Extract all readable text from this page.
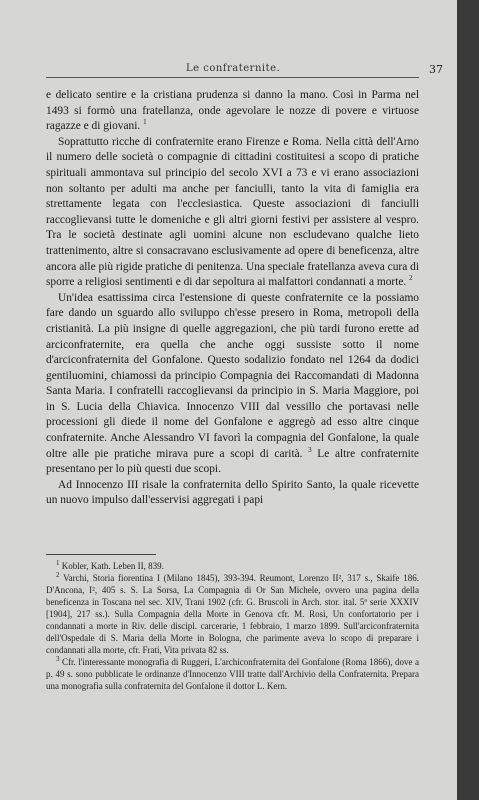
Le confraternite.	37

e delicato sentire e la cristiana prudenza si danno la mano. Così in Parma nel 1493 si formò una fratellanza, onde agevolare le nozze di povere e virtuose ragazze e di giovani. $^1$

Soprattutto ricche di confraternite erano Firenze e Roma. Nella città dell'Arno il numero delle società o compagnie di cittadini costituitesi a scopo di pratiche spirituali ammontava sul principio del secolo XVI a 73 e vi erano associazioni non soltanto per adulti ma anche per fanciulli, tanto la vita di famiglia era strettamente legata con l'ecclesiastica. Queste associazioni di fanciulli raccoglievansi tutte le domeniche e gli altri giorni festivi per assistere al vespro. Tra le società destinate agli uomini alcune non escludevano qualche lieto trattenimento, altre si consacravano esclusivamente ad opere di beneficenza, altre ancora alle più rigide pratiche di penitenza. Una speciale fratellanza aveva cura di sporre a religiosi sentimenti e di dar sepoltura ai malfattori condannati a morte. $^2$

Un'idea esattissima circa l'estensione di queste confraternite ce la possiamo fare dando un sguardo allo sviluppo ch'esse presero in Roma, metropoli della cristianità. La più insigne di quelle aggregazioni, che più tardi furono erette ad arciconfraternite, era quella che anche oggi sussiste sotto il nome d'arciconfraternita del Gonfalone. Questo sodalizio fondato nel 1264 da dodici gentiluomini, chiamossi da principio Compagnia dei Raccomandati di Madonna Santa Maria. I confratelli raccoglievansi da principio in S. Maria Maggiore, poi in S. Lucia della Chiavica. Innocenzo VIII dal vessillo che portavasi nelle processioni gli diede il nome del Gonfalone e aggregò ad esso altre cinque confraternite. Anche Alessandro VI favorì la compagnia del Gonfalone, la quale oltre alle pie pratiche mirava pure a scopi di carità. $^3$ Le altre confraternite presentano per lo più questi due scopi.

Ad Innocenzo III risale la confraternita dello Spirito Santo, la quale ricevette un nuovo impulso dall'esservisi aggregati i papi

$^1$ Kobler, Kath. Leben II, 839.

$^2$ Varchi, Storia fiorentina I (Milano 1845), 393-394. Reumont, Lorenzo II², 317 s., Skaife 186. D'Ancona, I², 405 s. S. La Sorsa, La Compagnia di Or San Michele, ovvero una pagina della beneficenza in Toscana nel sec. XIV, Trani 1902 (cfr. G. Bruscoli in Arch. stor. ital. 5ª serie XXXIV [1904], 217 ss.). Sulla Compagnia della Morte in Genova cfr. M. Rosi, Un confortatorio per i condannati a morte in Riv. delle discipl. carcerarie, 1 febbraio, 1 marzo 1899. Sull'arciconfraternita dell'Ospedale di S. Maria della Morte in Bologna, che parimente aveva lo scopo di preparare i condannati alla morte, cfr. Frati, Vita privata 82 ss.

$^3$ Cfr. l'interessante monografia di Ruggeri, L'archiconfraternita del Gonfalone (Roma 1866), dove a p. 49 s. sono pubblicate le ordinanze d'Innocenzo VIII tratte dall'Archivio della Confraternita. Prepara una monografia sulla confraternita del Gonfalone il dottor L. Kern.
